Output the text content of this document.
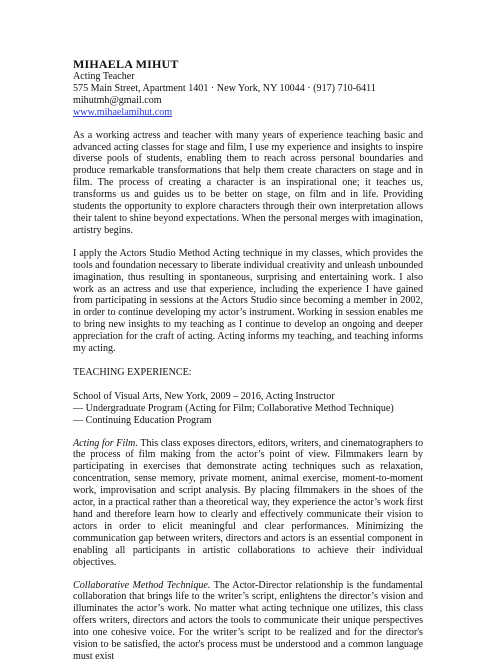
MIHAELA MIHUT
Acting Teacher
575 Main Street, Apartment 1401 · New York, NY 10044 · (917) 710-6411
mihutmh@gmail.com
www.mihaelamihut.com
As a working actress and teacher with many years of experience teaching basic and advanced acting classes for stage and film, I use my experience and insights to inspire diverse pools of students, enabling them to reach across personal boundaries and produce remarkable transformations that help them create characters on stage and in film. The process of creating a character is an inspirational one; it teaches us, transforms us and guides us to be better on stage, on film and in life. Providing students the opportunity to explore characters through their own interpretation allows their talent to shine beyond expectations. When the personal merges with imagination, artistry begins.
I apply the Actors Studio Method Acting technique in my classes, which provides the tools and foundation necessary to liberate individual creativity and unleash unbounded imagination, thus resulting in spontaneous, surprising and entertaining work. I also work as an actress and use that experience, including the experience I have gained from participating in sessions at the Actors Studio since becoming a member in 2002, in order to continue developing my actor’s instrument. Working in session enables me to bring new insights to my teaching as I continue to develop an ongoing and deeper appreciation for the craft of acting. Acting informs my teaching, and teaching informs my acting.
TEACHING EXPERIENCE:
School of Visual Arts, New York, 2009 – 2016, Acting Instructor
— Undergraduate Program (Acting for Film; Collaborative Method Technique)
— Continuing Education Program
Acting for Film. This class exposes directors, editors, writers, and cinematographers to the process of film making from the actor’s point of view. Filmmakers learn by participating in exercises that demonstrate acting techniques such as relaxation, concentration, sense memory, private moment, animal exercise, moment-to-moment work, improvisation and script analysis. By placing filmmakers in the shoes of the actor, in a practical rather than a theoretical way, they experience the actor’s work first hand and therefore learn how to clearly and effectively communicate their vision to actors in order to elicit meaningful and clear performances. Minimizing the communication gap between writers, directors and actors is an essential component in enabling all participants in artistic collaborations to achieve their individual objectives.
Collaborative Method Technique. The Actor-Director relationship is the fundamental collaboration that brings life to the writer’s script, enlightens the director’s vision and illuminates the actor’s work. No matter what acting technique one utilizes, this class offers writers, directors and actors the tools to communicate their unique perspectives into one cohesive voice. For the writer’s script to be realized and for the director's vision to be satisfied, the actor's process must be understood and a common language must exist
